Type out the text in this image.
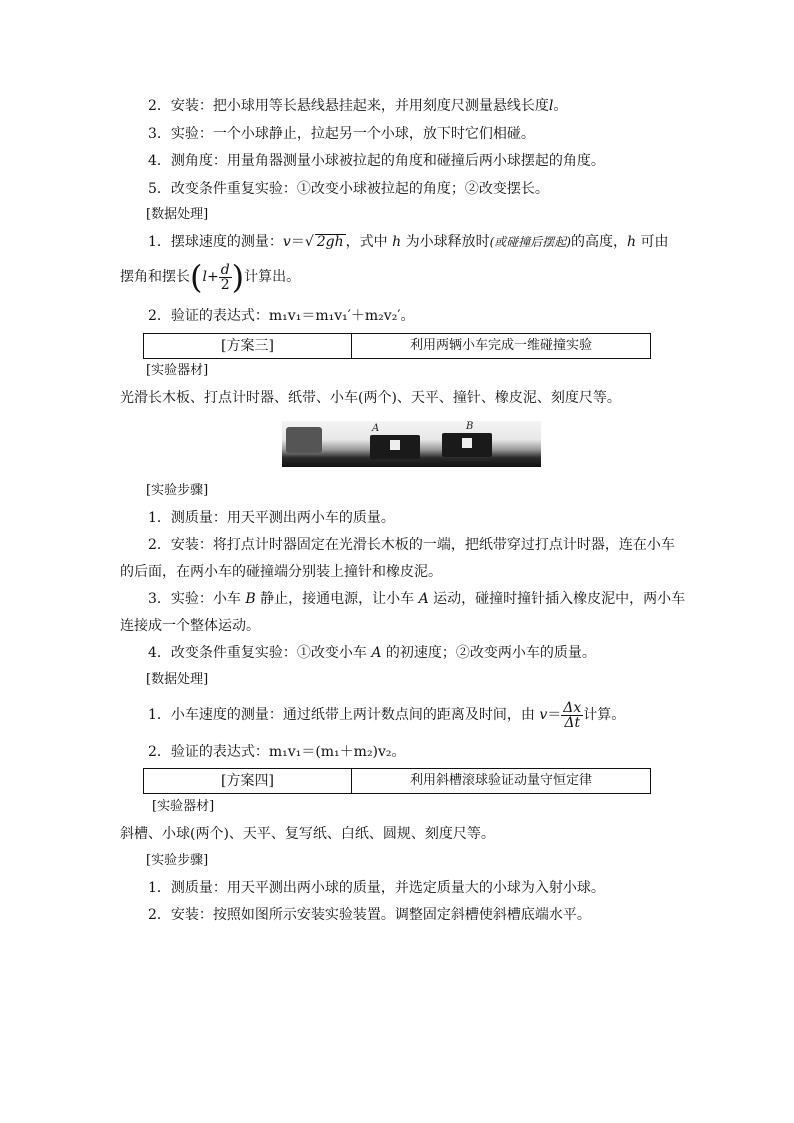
2．安装：把小球用等长悬线悬挂起来，并用刻度尺测量悬线长度l。
3．实验：一个小球静止，拉起另一个小球，放下时它们相碰。
4．测角度：用量角器测量小球被拉起的角度和碰撞后两小球摆起的角度。
5．改变条件重复实验：①改变小球被拉起的角度；②改变摆长。
[数据处理]
1．摆球速度的测量：v＝√ 2gh ，式中 h 为小球释放时(或碰撞后摆起)的高度，h 可由
摆角和摆长($l+ \frac{d}{2}$ )计算出。
2．验证的表达式：m₁v₁＝m₁v₁′＋m₂v₂′。
[方案三]	利用两辆小车完成一维碰撞实验
[实验器材]
光滑长木板、打点计时器、纸带、小车(两个)、天平、撞针、橡皮泥、刻度尺等。
A	B
[实验步骤]
1．测质量：用天平测出两小车的质量。
2．安装：将打点计时器固定在光滑长木板的一端，把纸带穿过打点计时器，连在小车
的后面，在两小车的碰撞端分别装上撞针和橡皮泥。
3．实验：小车 B 静止，接通电源，让小车 A 运动，碰撞时撞针插入橡皮泥中，两小车
连接成一个整体运动。
4．改变条件重复实验：①改变小车 A 的初速度；②改变两小车的质量。
[数据处理]
1．小车速度的测量：通过纸带上两计数点间的距离及时间，由 $v= \frac{\Delta x}{\Delta t}$ 计算。
2．验证的表达式：m₁v₁＝(m₁＋m₂)v₂。
[方案四]	利用斜槽滚球验证动量守恒定律
[实验器材]
斜槽、小球(两个)、天平、复写纸、白纸、圆规、刻度尺等。
[实验步骤]
1．测质量：用天平测出两小球的质量，并选定质量大的小球为入射小球。
2．安装：按照如图所示安装实验装置。调整固定斜槽使斜槽底端水平。
